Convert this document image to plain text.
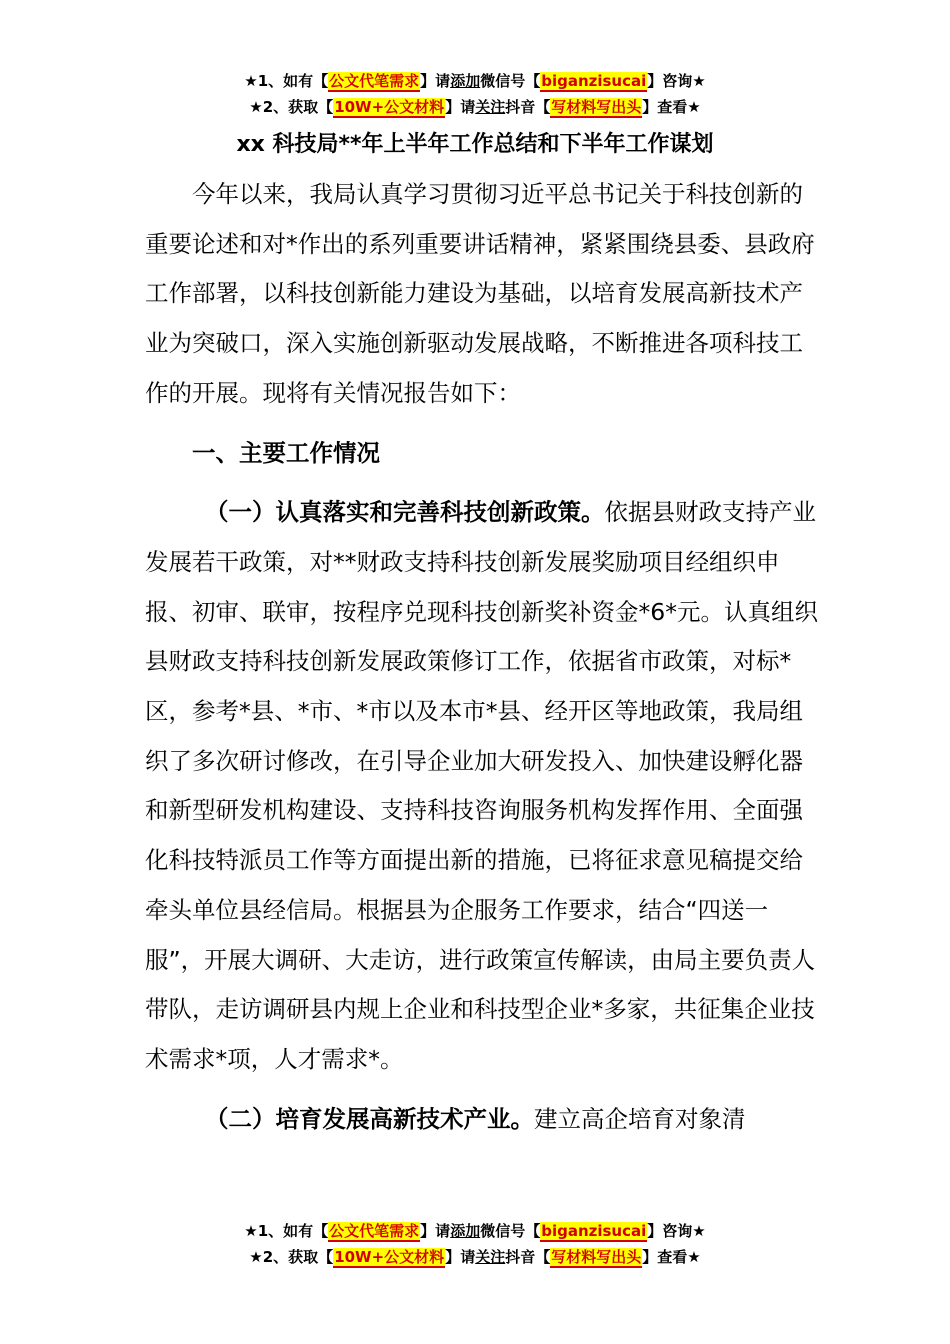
★1、如有【公文代笔需求】请添加微信号【biganzisucai】咨询★
★2、获取【10W+公文材料】请关注抖音【写材料写出头】查看★
xx 科技局**年上半年工作总结和下半年工作谋划

今年以来，我局认真学习贯彻习近平总书记关于科技创新的重要论述和对*作出的系列重要讲话精神，紧紧围绕县委、县政府工作部署，以科技创新能力建设为基础，以培育发展高新技术产业为突破口，深入实施创新驱动发展战略，不断推进各项科技工作的开展。现将有关情况报告如下：

一、主要工作情况

（一）认真落实和完善科技创新政策。依据县财政支持产业发展若干政策，对**财政支持科技创新发展奖励项目经组织申报、初审、联审，按程序兑现科技创新奖补资金*6*元。认真组织县财政支持科技创新发展政策修订工作，依据省市政策，对标*区，参考*县、*市、*市以及本市*县、经开区等地政策，我局组织了多次研讨修改，在引导企业加大研发投入、加快建设孵化器和新型研发机构建设、支持科技咨询服务机构发挥作用、全面强化科技特派员工作等方面提出新的措施，已将征求意见稿提交给牵头单位县经信局。根据县为企服务工作要求，结合“四送一服”，开展大调研、大走访，进行政策宣传解读，由局主要负责人带队，走访调研县内规上企业和科技型企业*多家，共征集企业技术需求*项，人才需求*。

（二）培育发展高新技术产业。建立高企培育对象清

★1、如有【公文代笔需求】请添加微信号【biganzisucai】咨询★
★2、获取【10W+公文材料】请关注抖音【写材料写出头】查看★
